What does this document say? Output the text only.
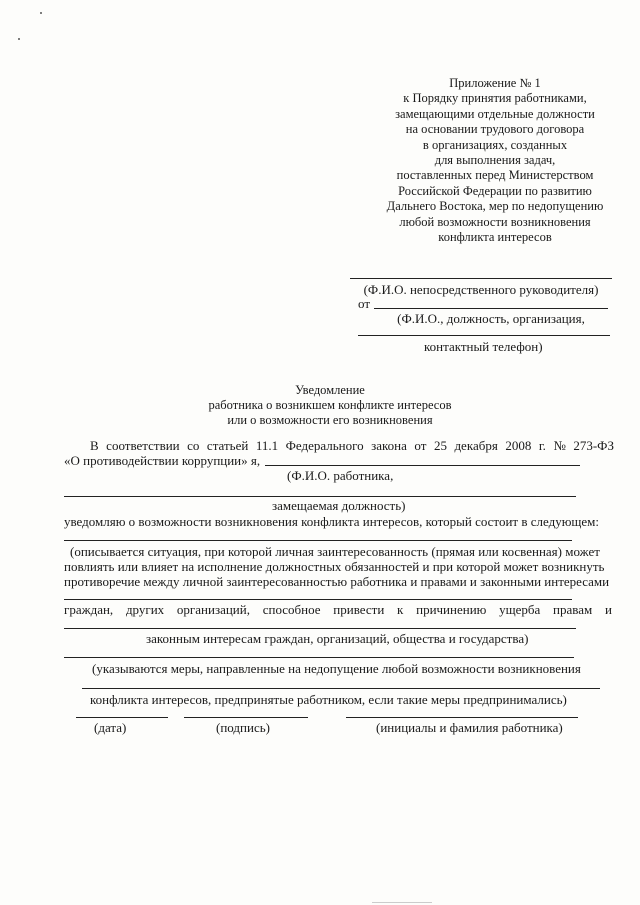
Приложение № 1
к Порядку принятия работниками,
замещающими отдельные должности
на основании трудового договора
в организациях, созданных
для выполнения задач,
поставленных перед Министерством
Российской Федерации по развитию
Дальнего Востока, мер по недопущению
любой возможности возникновения
конфликта интересов
(Ф.И.О. непосредственного руководителя)
от
(Ф.И.О., должность, организация,
контактный телефон)
Уведомление
работника о возникшем конфликте интересов
или о возможности его возникновения
В соответствии со статьей 11.1 Федерального закона от 25 декабря 2008 г. № 273-ФЗ
«О противодействии коррупции» я,
(Ф.И.О. работника,
замещаемая должность)
уведомляю о возможности возникновения конфликта интересов, который состоит в следующем:
(описывается ситуация, при которой личная заинтересованность (прямая или косвенная) может
повлиять или влияет на исполнение должностных обязанностей и при которой может возникнуть
противоречие между личной заинтересованностью работника и правами и законными интересами
граждан, других организаций, способное привести к причинению ущерба правам и
законным интересам граждан, организаций, общества и государства)
(указываются меры, направленные на недопущение любой возможности возникновения
конфликта интересов, предпринятые работником, если такие меры предпринимались)
(дата)	(подпись)	(инициалы и фамилия работника)
